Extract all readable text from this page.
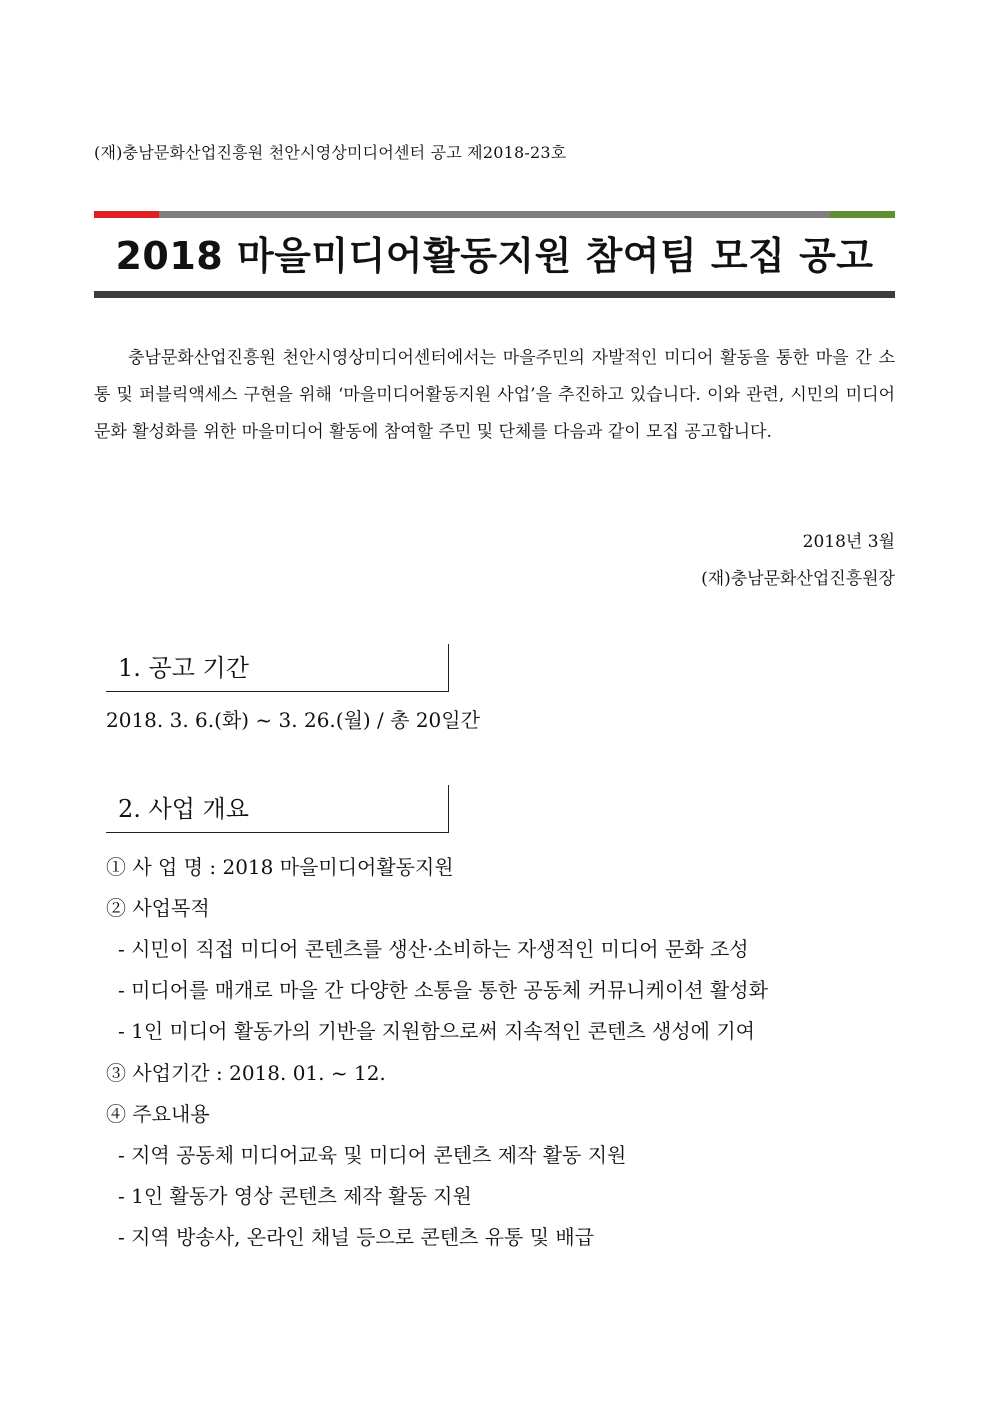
(재)충남문화산업진흥원 천안시영상미디어센터 공고 제2018-23호
2018 마을미디어활동지원 참여팀 모집 공고

충남문화산업진흥원 천안시영상미디어센터에서는 마을주민의 자발적인 미디어 활동을 통한 마을 간 소통 및 퍼블릭액세스 구현을 위해 ‘마을미디어활동지원 사업’을 추진하고 있습니다. 이와 관련, 시민의 미디어 문화 활성화를 위한 마을미디어 활동에 참여할 주민 및 단체를 다음과 같이 모집 공고합니다.

2018년 3월
(재)충남문화산업진흥원장
1. 공고 기간
2018. 3. 6.(화) ~ 3. 26.(월) / 총 20일간
2. 사업 개요
① 사 업 명 : 2018 마을미디어활동지원
② 사업목적
- 시민이 직접 미디어 콘텐츠를 생산·소비하는 자생적인 미디어 문화 조성
- 미디어를 매개로 마을 간 다양한 소통을 통한 공동체 커뮤니케이션 활성화
- 1인 미디어 활동가의 기반을 지원함으로써 지속적인 콘텐츠 생성에 기여
③ 사업기간 : 2018. 01. ~ 12.
④ 주요내용
- 지역 공동체 미디어교육 및 미디어 콘텐츠 제작 활동 지원
- 1인 활동가 영상 콘텐츠 제작 활동 지원
- 지역 방송사, 온라인 채널 등으로 콘텐츠 유통 및 배급
